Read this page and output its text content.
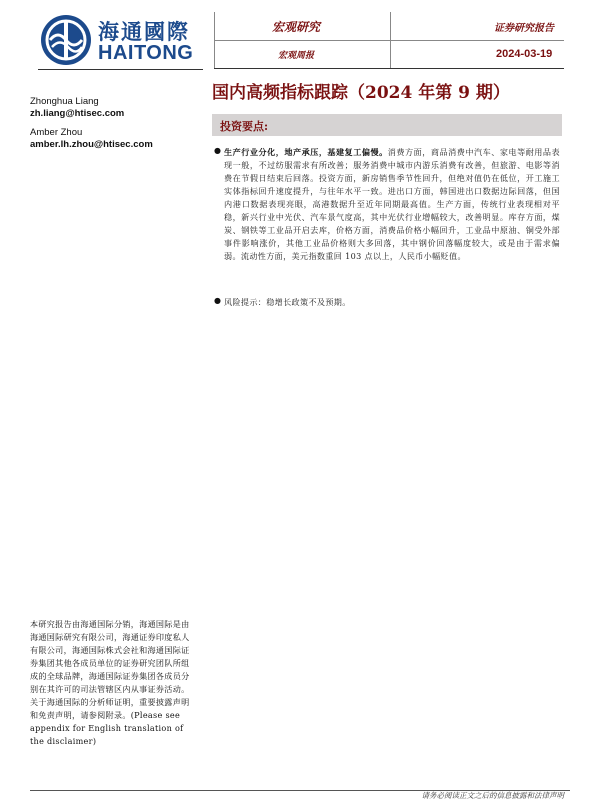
海通國際
HAITONG
宏观研究
宏观周报
证券研究报告
2024-03-19
国内高频指标跟踪（2024 年第 9 期）
Zhonghua Liang
zh.liang@htisec.com
Amber Zhou
amber.lh.zhou@htisec.com
投资要点:
● 生产行业分化，地产承压，基建复工偏慢。消费方面，商品消费中汽车、家电等耐用品表现一般，不过纺服需求有所改善；服务消费中城市内游乐消费有改善，但旅游、电影等消费在节假日结束后回落。投资方面，新房销售季节性回升，但绝对值仍在低位，开工施工实体指标回升速度提升，与往年水平一致。进出口方面，韩国进出口数据边际回落，但国内港口数据表现亮眼，高港数据升至近年同期最高值。生产方面，传统行业表现相对平稳，新兴行业中光伏、汽车景气度高，其中光伏行业增幅较大，改善明显。库存方面，煤炭、钢铁等工业品开启去库，价格方面，消费品价格小幅回升，工业品中原油、铜受外部事件影响涨价，其他工业品价格则大多回落，其中钢价回落幅度较大，或是由于需求偏弱。流动性方面，美元指数重回 103 点以上，人民币小幅贬值。
● 风险提示：稳增长政策不及预期。
本研究报告由海通国际分销，海通国际是由海通国际研究有限公司，海通证券印度私人有限公司，海通国际株式会社和海通国际证券集团其他各成员单位的证券研究团队所组成的全球品牌，海通国际证券集团各成员分别在其许可的司法管辖区内从事证券活动。关于海通国际的分析师证明，重要披露声明和免责声明，请参阅附录。(Please see appendix for English translation of the disclaimer)
请务必阅读正文之后的信息披露和法律声明
